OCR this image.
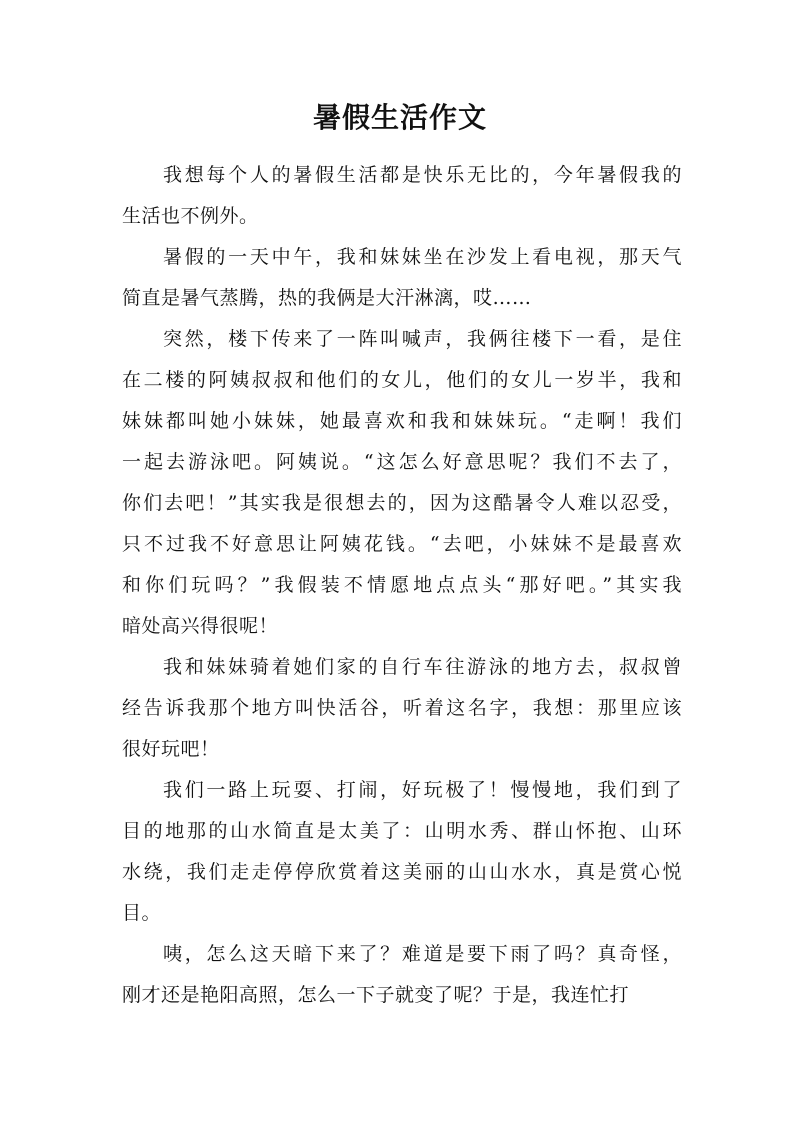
暑假生活作文
我想每个人的暑假生活都是快乐无比的，今年暑假我的
生活也不例外。
暑假的一天中午，我和妹妹坐在沙发上看电视，那天气
简直是暑气蒸腾，热的我俩是大汗淋漓，哎……
突然，楼下传来了一阵叫喊声，我俩往楼下一看，是住
在二楼的阿姨叔叔和他们的女儿，他们的女儿一岁半，我和
妹妹都叫她小妹妹，她最喜欢和我和妹妹玩。“走啊！我们
一起去游泳吧。阿姨说。“这怎么好意思呢？我们不去了，
你们去吧！”其实我是很想去的，因为这酷暑令人难以忍受，
只不过我不好意思让阿姨花钱。“去吧，小妹妹不是最喜欢
和你们玩吗？”我假装不情愿地点点头“那好吧。”其实我
暗处高兴得很呢！
我和妹妹骑着她们家的自行车往游泳的地方去，叔叔曾
经告诉我那个地方叫快活谷，听着这名字，我想：那里应该
很好玩吧！
我们一路上玩耍、打闹，好玩极了！慢慢地，我们到了
目的地那的山水简直是太美了：山明水秀、群山怀抱、山环
水绕，我们走走停停欣赏着这美丽的山山水水，真是赏心悦
目。
咦，怎么这天暗下来了？难道是要下雨了吗？真奇怪，
刚才还是艳阳高照，怎么一下子就变了呢？于是，我连忙打
